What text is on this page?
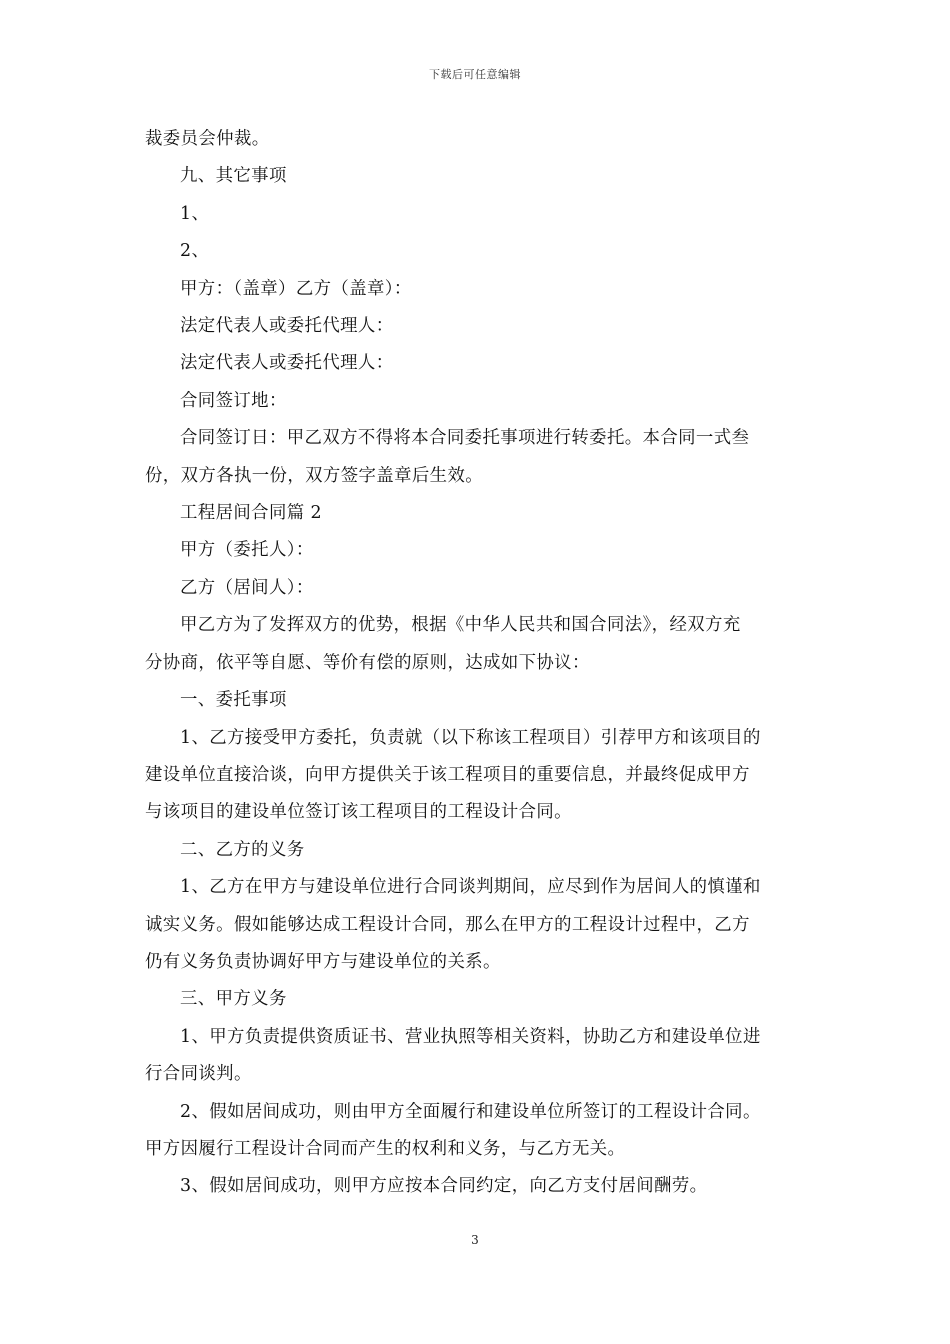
下载后可任意编辑

裁委员会仲裁。

九、其它事项

1、

2、

甲方：（盖章）乙方（盖章）：

法定代表人或委托代理人：

法定代表人或委托代理人：

合同签订地：

合同签订日：甲乙双方不得将本合同委托事项进行转委托。本合同一式叁
份，双方各执一份，双方签字盖章后生效。

工程居间合同篇 2

甲方（委托人）：

乙方（居间人）：

甲乙方为了发挥双方的优势，根据《中华人民共和国合同法》，经双方充
分协商，依平等自愿、等价有偿的原则，达成如下协议：

一、委托事项

1、乙方接受甲方委托，负责就（以下称该工程项目）引荐甲方和该项目的
建设单位直接洽谈，向甲方提供关于该工程项目的重要信息，并最终促成甲方
与该项目的建设单位签订该工程项目的工程设计合同。

二、乙方的义务

1、乙方在甲方与建设单位进行合同谈判期间，应尽到作为居间人的慎谨和
诚实义务。假如能够达成工程设计合同，那么在甲方的工程设计过程中，乙方
仍有义务负责协调好甲方与建设单位的关系。

三、甲方义务

1、甲方负责提供资质证书、营业执照等相关资料，协助乙方和建设单位进
行合同谈判。

2、假如居间成功，则由甲方全面履行和建设单位所签订的工程设计合同。
甲方因履行工程设计合同而产生的权利和义务，与乙方无关。

3、假如居间成功，则甲方应按本合同约定，向乙方支付居间酬劳。

3
